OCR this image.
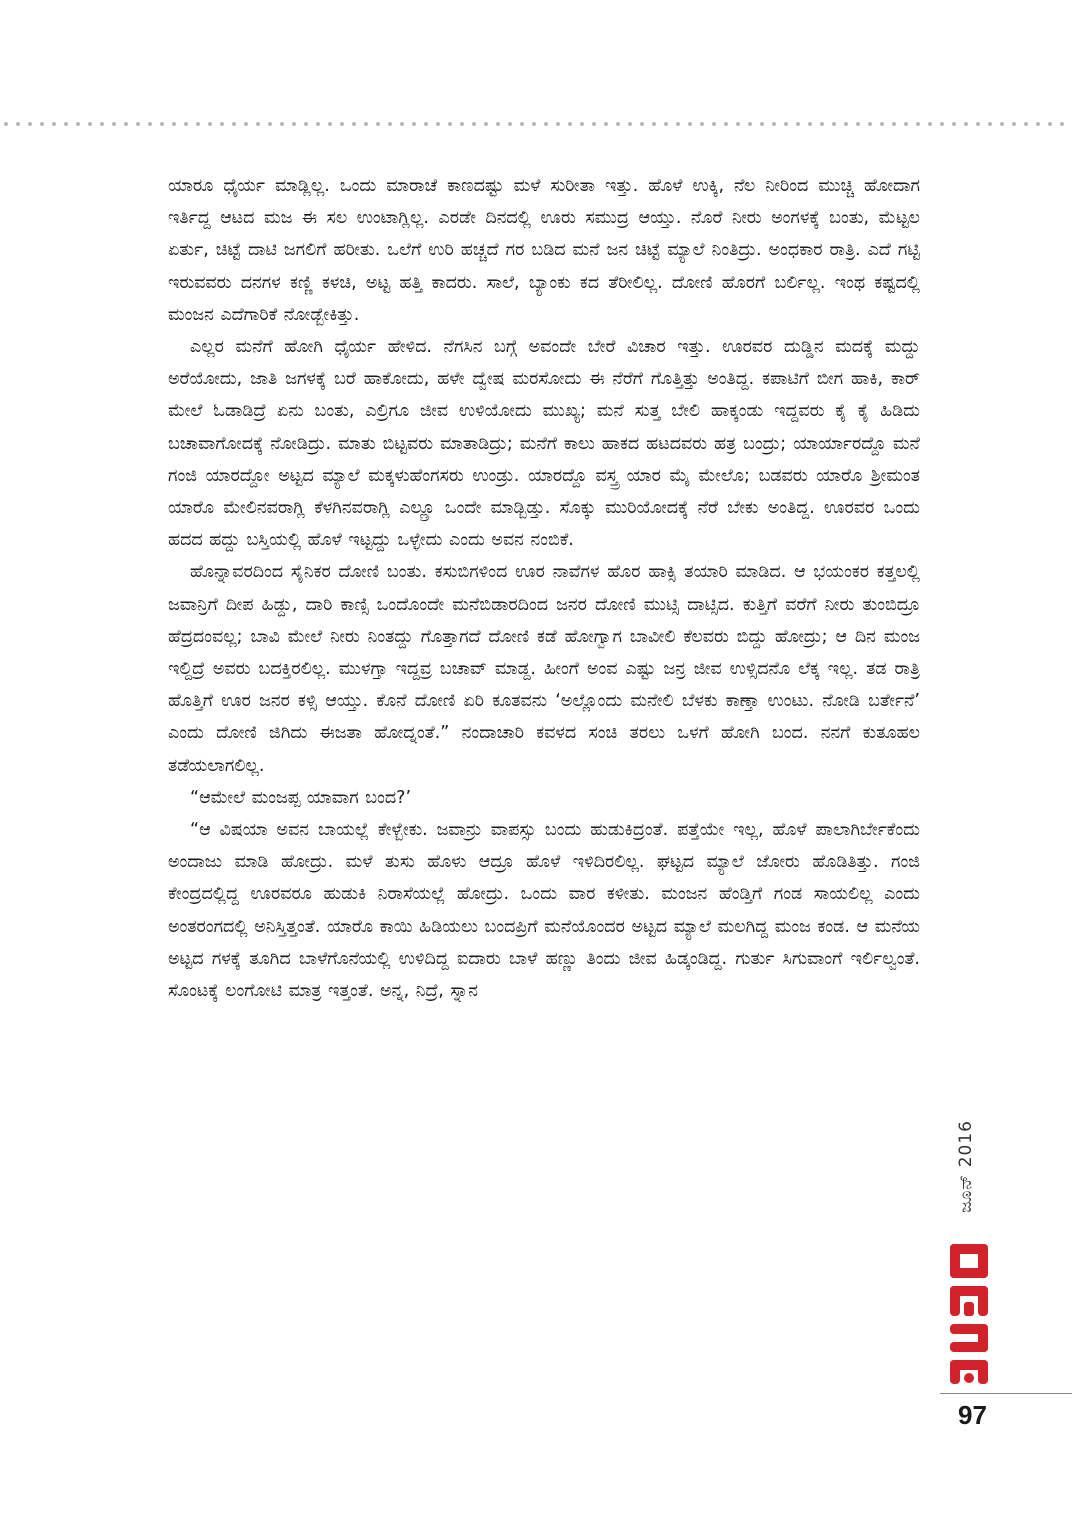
ಯಾರೂ ಧೈರ್ಯ ಮಾಡ್ಲಿಲ್ಲ. ಒಂದು ಮಾರಾಚೆ ಕಾಣದಷ್ಟು ಮಳೆ ಸುರೀತಾ ಇತ್ತು. ಹೊಳೆ ಉಕ್ಕಿ, ನೆಲ ನೀರಿಂದ ಮುಚ್ಚಿ ಹೋದಾಗ ಇರ್ತಿದ್ದ ಆಟದ ಮಜ ಈ ಸಲ ಉಂಟಾಗ್ಲಿಲ್ಲ. ಎರಡೇ ದಿನದಲ್ಲಿ ಊರು ಸಮುದ್ರ ಆಯ್ತು. ನೊರೆ ನೀರು ಅಂಗಳಕ್ಕೆ ಬಂತು, ಮೆಟ್ಟಲ ಏರ್ತು, ಚಿಟ್ಟೆ ದಾಟಿ ಜಗಲಿಗೆ ಹರೀತು. ಒಲೆಗೆ ಉರಿ ಹಚ್ಚದೆ ಗರ ಬಡಿದ ಮನೆ ಜನ ಚಿಟ್ಟೆ ಮ್ಯಾಲೆ ನಿಂತಿದ್ರು. ಅಂಧಕಾರ ರಾತ್ರಿ. ಎದೆ ಗಟ್ಟಿ ಇರುವವರು ದನಗಳ ಕಣ್ಣಿ ಕಳಚಿ, ಅಟ್ಟ ಹತ್ತಿ ಕಾದರು. ಸಾಲೆ, ಬ್ಯಾಂಕು ಕದ ತೆರೀಲಿಲ್ಲ. ದೋಣಿ ಹೊರಗೆ ಬರ್ಲಿಲ್ಲ. ಇಂಥ ಕಷ್ಟದಲ್ಲಿ ಮಂಜನ ಎದೆಗಾರಿಕೆ ನೋಡ್ಬೇಕಿತ್ತು.

ಎಲ್ಲರ ಮನೆಗೆ ಹೋಗಿ ಧೈರ್ಯ ಹೇಳಿದ. ನೆಗಸಿನ ಬಗ್ಗೆ ಅವಂದೇ ಬೇರೆ ವಿಚಾರ ಇತ್ತು. ಊರವರ ದುಡ್ಡಿನ ಮದಕ್ಕೆ ಮದ್ದು ಅರೆಯೋದು, ಜಾತಿ ಜಗಳಕ್ಕೆ ಬರೆ ಹಾಕೋದು, ಹಳೇ ದ್ವೇಷ ಮರಸೋದು ಈ ನೆರೆಗೆ ಗೊತ್ತಿತ್ತು ಅಂತಿದ್ದ. ಕಪಾಟಿಗೆ ಬೀಗ ಹಾಕಿ, ಕಾರ್ ಮೇಲೆ ಓಡಾಡಿದ್ರೆ ಏನು ಬಂತು, ಎಲ್ರಿಗೂ ಜೀವ ಉಳಿಯೋದು ಮುಖ್ಯ; ಮನೆ ಸುತ್ತ ಬೇಲಿ ಹಾಕ್ಕಂಡು ಇದ್ದವರು ಕೈ ಕೈ ಹಿಡಿದು ಬಚಾವಾಗೋದಕ್ಕೆ ನೋಡಿದ್ರು. ಮಾತು ಬಿಟ್ಟವರು ಮಾತಾಡಿದ್ರು; ಮನೆಗೆ ಕಾಲು ಹಾಕದ ಹಟದವರು ಹತ್ರ ಬಂದ್ರು; ಯಾರ್ಯಾರದ್ದೊ ಮನೆ ಗಂಜಿ ಯಾರದ್ದೋ ಅಟ್ಟದ ಮ್ಯಾಲೆ ಮಕ್ಕಳುಹೆಂಗಸರು ಉಂಡ್ರು. ಯಾರದ್ದೊ ವಸ್ತ್ರ ಯಾರ ಮೈ ಮೇಲೊ; ಬಡವರು ಯಾರೊ ಶ್ರೀಮಂತ ಯಾರೊ ಮೇಲಿನವರಾಗ್ಲಿ ಕೆಳಗಿನವರಾಗ್ಲಿ ಎಲ್ಲ್ರೂ ಒಂದೇ ಮಾಡ್ಬಿಡ್ತು. ಸೊಕ್ಕು ಮುರಿಯೋದಕ್ಕೆ ನೆರೆ ಬೇಕು ಅಂತಿದ್ದ. ಊರವರ ಒಂದು ಹದದ ಹದ್ದು ಬಸ್ತಿಯಲ್ಲಿ ಹೊಳೆ ಇಟ್ಟದ್ದು ಒಳ್ಳೇದು ಎಂದು ಅವನ ನಂಬಿಕೆ.

ಹೊನ್ನಾವರದಿಂದ ಸೈನಿಕರ ದೋಣಿ ಬಂತು. ಕಸುಬಿಗಳಿಂದ ಊರ ನಾವೆಗಳ ಹೊರ ಹಾಕ್ಸಿ ತಯಾರಿ ಮಾಡಿದ. ಆ ಭಯಂಕರ ಕತ್ತಲಲ್ಲಿ ಜವಾನ್ರಿಗೆ ದೀಪ ಹಿಡ್ದು, ದಾರಿ ಕಾಣ್ಸಿ ಒಂದೊಂದೇ ಮನೆಬಿಡಾರದಿಂದ ಜನರ ದೋಣಿ ಮುಟ್ಸಿ ದಾಟ್ಸಿದ. ಕುತ್ತಿಗೆ ವರೆಗೆ ನೀರು ತುಂಬಿದ್ರೂ ಹೆದ್ರದಂವಲ್ಲ; ಬಾವಿ ಮೇಲೆ ನೀರು ನಿಂತದ್ದು ಗೊತ್ತಾಗದೆ ದೋಣಿ ಕಡೆ ಹೋಗ್ವಾಗ ಬಾವೀಲಿ ಕೆಲವರು ಬಿದ್ದು ಹೋದ್ರು; ಆ ದಿನ ಮಂಜ ಇಲ್ದಿದ್ರೆ ಅವರು ಬದಕ್ತಿರಲಿಲ್ಲ. ಮುಳಗ್ತಾ ಇದ್ದವ್ರ ಬಚಾವ್ ಮಾಡ್ದ. ಹೀಂಗೆ ಅಂವ ಎಷ್ಟು ಜನ್ರ ಜೀವ ಉಳ್ಸಿದನೊ ಲೆಕ್ಕ ಇಲ್ಲ. ತಡ ರಾತ್ರಿ ಹೊತ್ತಿಗೆ ಊರ ಜನರ ಕಳ್ಸಿ ಆಯ್ತು. ಕೊನೆ ದೋಣಿ ಏರಿ ಕೂತವನು ‘ಅಲ್ಲೊಂದು ಮನೇಲಿ ಬೆಳಕು ಕಾಣ್ತಾ ಉಂಟು. ನೋಡಿ ಬರ್ತೇನೆ’ ಎಂದು ದೋಣಿ ಜಿಗಿದು ಈಜತಾ ಹೋದ್ನಂತೆ.” ನಂದಾಚಾರಿ ಕವಳದ ಸಂಚಿ ತರಲು ಒಳಗೆ ಹೋಗಿ ಬಂದ. ನನಗೆ ಕುತೂಹಲ ತಡೆಯಲಾಗಲಿಲ್ಲ.

“ಆಮೇಲೆ ಮಂಜಪ್ಪ ಯಾವಾಗ ಬಂದ?’

“ಆ ವಿಷಯಾ ಅವನ ಬಾಯಲ್ಲೆ ಕೇಳ್ಬೇಕು. ಜವಾನ್ರು ವಾಪಸ್ಸು ಬಂದು ಹುಡುಕಿದ್ರಂತೆ. ಪತ್ತೆಯೇ ಇಲ್ಲ, ಹೊಳೆ ಪಾಲಾಗಿರ್ಬೇಕೆಂದು ಅಂದಾಜು ಮಾಡಿ ಹೋದ್ರು. ಮಳೆ ತುಸು ಹೊಳು ಆದ್ರೂ ಹೊಳೆ ಇಳಿದಿರಲಿಲ್ಲ. ಘಟ್ಟದ ಮ್ಯಾಲೆ ಜೋರು ಹೊಡಿತಿತ್ತು. ಗಂಜಿ ಕೇಂದ್ರದಲ್ಲಿದ್ದ ಊರವರೂ ಹುಡುಕಿ ನಿರಾಸೆಯಲ್ಲೆ ಹೋದ್ರು. ಒಂದು ವಾರ ಕಳೀತು. ಮಂಜನ ಹೆಂಡ್ತಿಗೆ ಗಂಡ ಸಾಯಲಿಲ್ಲ ಎಂದು ಅಂತರಂಗದಲ್ಲಿ ಅನಿಸ್ತಿತ್ತಂತೆ. ಯಾರೊ ಕಾಯಿ ಹಿಡಿಯಲು ಬಂದಪ್ರಿಗೆ ಮನೆಯೊಂದರ ಅಟ್ಟದ ಮ್ಯಾಲೆ ಮಲಗಿದ್ದ ಮಂಜ ಕಂಡ. ಆ ಮನೆಯ ಅಟ್ಟದ ಗಳಕ್ಕೆ ತೂಗಿದ ಬಾಳೆಗೊನೆಯಲ್ಲಿ ಉಳಿದಿದ್ದ ಐದಾರು ಬಾಳೆ ಹಣ್ಣು ತಿಂದು ಜೀವ ಹಿಡ್ಕಂಡಿದ್ದ. ಗುರ್ತು ಸಿಗುವಾಂಗೆ ಇರ್ಲಿಲ್ವಂತೆ. ಸೊಂಟಕ್ಕೆ ಲಂಗೋಟಿ ಮಾತ್ರ ಇತ್ತಂತೆ. ಅನ್ನ, ನಿದ್ರೆ, ಸ್ನಾನ

ಜೂನ್ 2016
97
